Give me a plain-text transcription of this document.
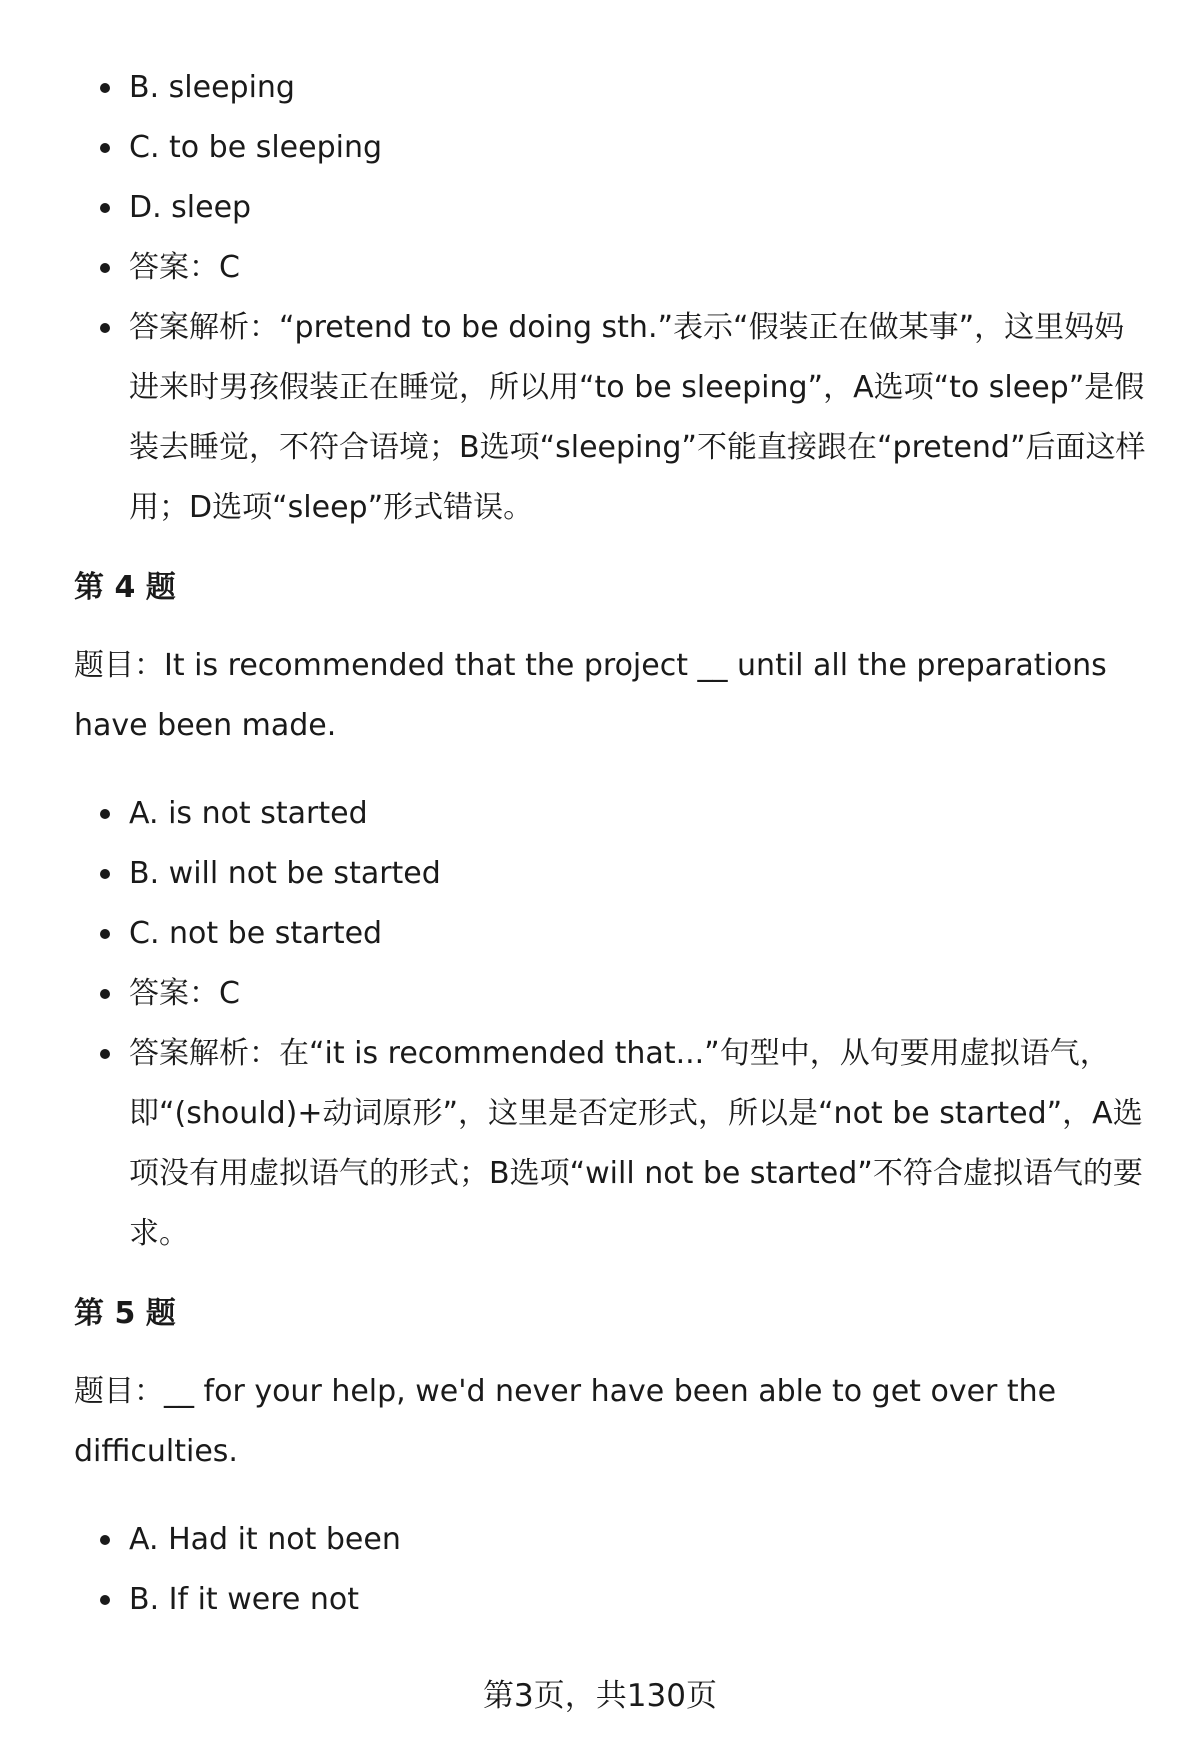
B. sleeping
C. to be sleeping
D. sleep
答案：C
答案解析：“pretend to be doing sth.”表示“假装正在做某事”，这里妈妈进来时男孩假装正在睡觉，所以用“to be sleeping”，A选项“to sleep”是假装去睡觉，不符合语境；B选项“sleeping”不能直接跟在“pretend”后面这样用；D选项“sleep”形式错误。

第 4 题

题目：It is recommended that the project __ until all the preparations have been made.

A. is not started
B. will not be started
C. not be started
答案：C
答案解析：在“it is recommended that...”句型中，从句要用虚拟语气，即“(should)+动词原形”，这里是否定形式，所以是“not be started”，A选项没有用虚拟语气的形式；B选项“will not be started”不符合虚拟语气的要求。

第 5 题

题目：__ for your help, we'd never have been able to get over the difficulties.

A. Had it not been
B. If it were not
第3页，共130页
